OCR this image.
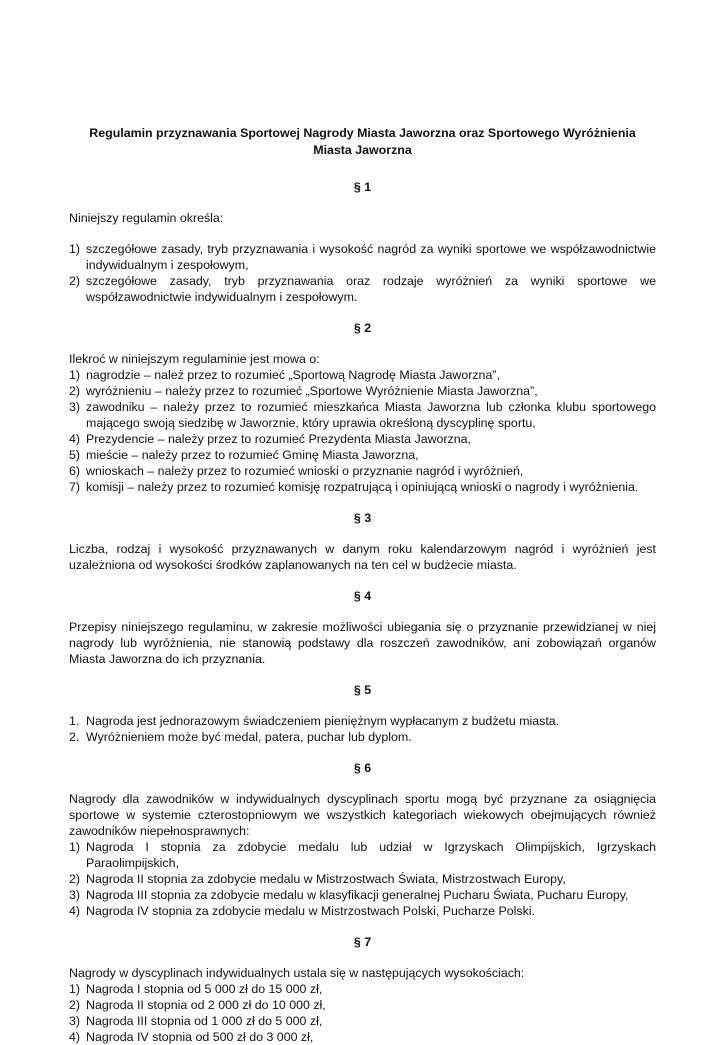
Regulamin przyznawania Sportowej Nagrody Miasta Jaworzna oraz Sportowego Wyróżnienia Miasta Jaworzna

§ 1

Niniejszy regulamin określa:

1) szczegółowe zasady, tryb przyznawania i wysokość nagród za wyniki sportowe we współzawodnictwie indywidualnym i zespołowym,
2) szczegółowe zasady, tryb przyznawania oraz rodzaje wyróżnień za wyniki sportowe we współzawodnictwie indywidualnym i zespołowym.
§ 2

Ilekroć w niniejszym regulaminie jest mowa o:

1) nagrodzie – należ przez to rozumieć „Sportową Nagrodę Miasta Jaworzna”,
2) wyróżnieniu – należy przez to rozumieć „Sportowe Wyróżnienie Miasta Jaworzna”,
3) zawodniku – należy przez to rozumieć mieszkańca Miasta Jaworzna lub członka klubu sportowego mającego swoją siedzibę w Jaworznie, który uprawia określoną dyscyplinę sportu,
4) Prezydencie – należy przez to rozumieć Prezydenta Miasta Jaworzna,
5) mieście – należy przez to rozumieć Gminę Miasta Jaworzna,
6) wnioskach – należy przez to rozumieć wnioski o przyznanie nagród i wyróżnień,
7) komisji – należy przez to rozumieć komisję rozpatrującą i opiniującą wnioski o nagrody i wyróżnienia.
§ 3

Liczba, rodzaj i wysokość przyznawanych w danym roku kalendarzowym nagród i wyróżnień jest uzależniona od wysokości środków zaplanowanych na ten cel w budżecie miasta.

§ 4

Przepisy niniejszego regulaminu, w zakresie możliwości ubiegania się o przyznanie przewidzianej w niej nagrody lub wyróżnienia, nie stanowią podstawy dla roszczeń zawodników, ani zobowiązań organów Miasta Jaworzna do ich przyznania.

§ 5
1. Nagroda jest jednorazowym świadczeniem pieniężnym wypłacanym z budżetu miasta.
2. Wyróżnieniem może być medal, patera, puchar lub dyplom.
§ 6

Nagrody dla zawodników w indywidualnych dyscyplinach sportu mogą być przyznane za osiągnięcia sportowe w systemie czterostopniowym we wszystkich kategoriach wiekowych obejmujących również zawodników niepełnosprawnych:

1) Nagroda I stopnia za zdobycie medalu lub udział w Igrzyskach Olimpijskich, Igrzyskach Paraolimpijskich,
2) Nagroda II stopnia za zdobycie medalu w Mistrzostwach Świata, Mistrzostwach Europy,
3) Nagroda III stopnia za zdobycie medalu w klasyfikacji generalnej Pucharu Świata, Pucharu Europy,
4) Nagroda IV stopnia za zdobycie medalu w Mistrzostwach Polski, Pucharze Polski.
§ 7

Nagrody w dyscyplinach indywidualnych ustala się w następujących wysokościach:

1) Nagroda I stopnia od 5 000 zł do 15 000 zł,
2) Nagroda II stopnia od 2 000 zł do 10 000 zł,
3) Nagroda III stopnia od 1 000 zł do 5 000 zł,
4) Nagroda IV stopnia od 500 zł do 3 000 zł,
